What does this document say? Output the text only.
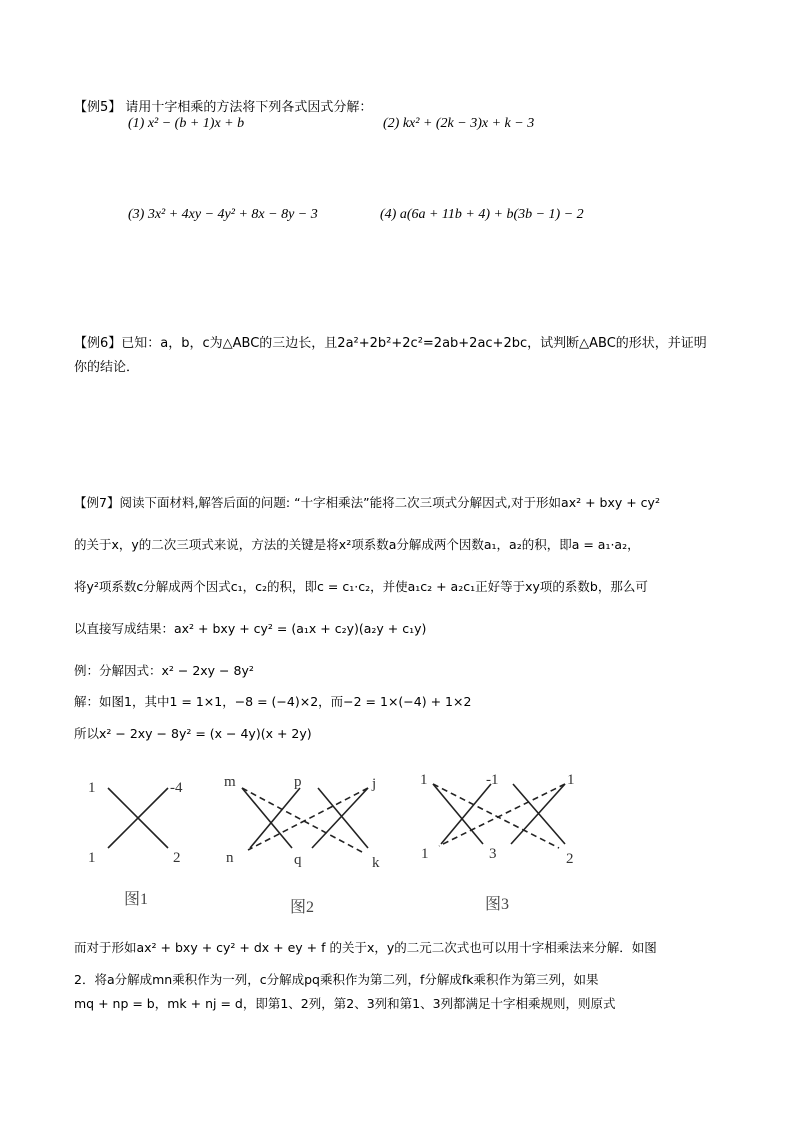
【例5】 请用十字相乘的方法将下列各式因式分解：
(1) x² − (b + 1)x + b	(2) kx² + (2k − 3)x + k − 3
(3) 3x² + 4xy − 4y² + 8x − 8y − 3	(4) a(6a + 11b + 4) + b(3b − 1) − 2
【例6】已知：a，b，c为△ABC的三边长，且2a²+2b²+2c²=2ab+2ac+2bc，试判断△ABC的形状，并证明
你的结论．
【例7】阅读下面材料,解答后面的问题: “十字相乘法”能将二次三项式分解因式,对于形如ax² + bxy + cy²
的关于x，y的二次三项式来说，方法的关键是将x²项系数a分解成两个因数a₁，a₂的积，即a = a₁·a₂，
将y²项系数c分解成两个因式c₁，c₂的积，即c = c₁·c₂，并使a₁c₂ + a₂c₁正好等于xy项的系数b，那么可
以直接写成结果：ax² + bxy + cy² = (a₁x + c₂y)(a₂y + c₁y)
例：分解因式：x² − 2xy − 8y²
解：如图1，其中1 = 1×1，−8 = (−4)×2，而−2 = 1×(−4) + 1×2
所以x² − 2xy − 8y² = (x − 4y)(x + 2y)
1	-4
1	2
图1
m	p	j
n	q	k
图2
1	-1	1
1	3	2
图3
而对于形如ax² + bxy + cy² + dx + ey + f 的关于x，y的二元二次式也可以用十字相乘法来分解．如图
2．将a分解成mn乘积作为一列，c分解成pq乘积作为第二列，f分解成fk乘积作为第三列，如果
mq + np = b，mk + nj = d，即第1、2列，第2、3列和第1、3列都满足十字相乘规则，则原式
